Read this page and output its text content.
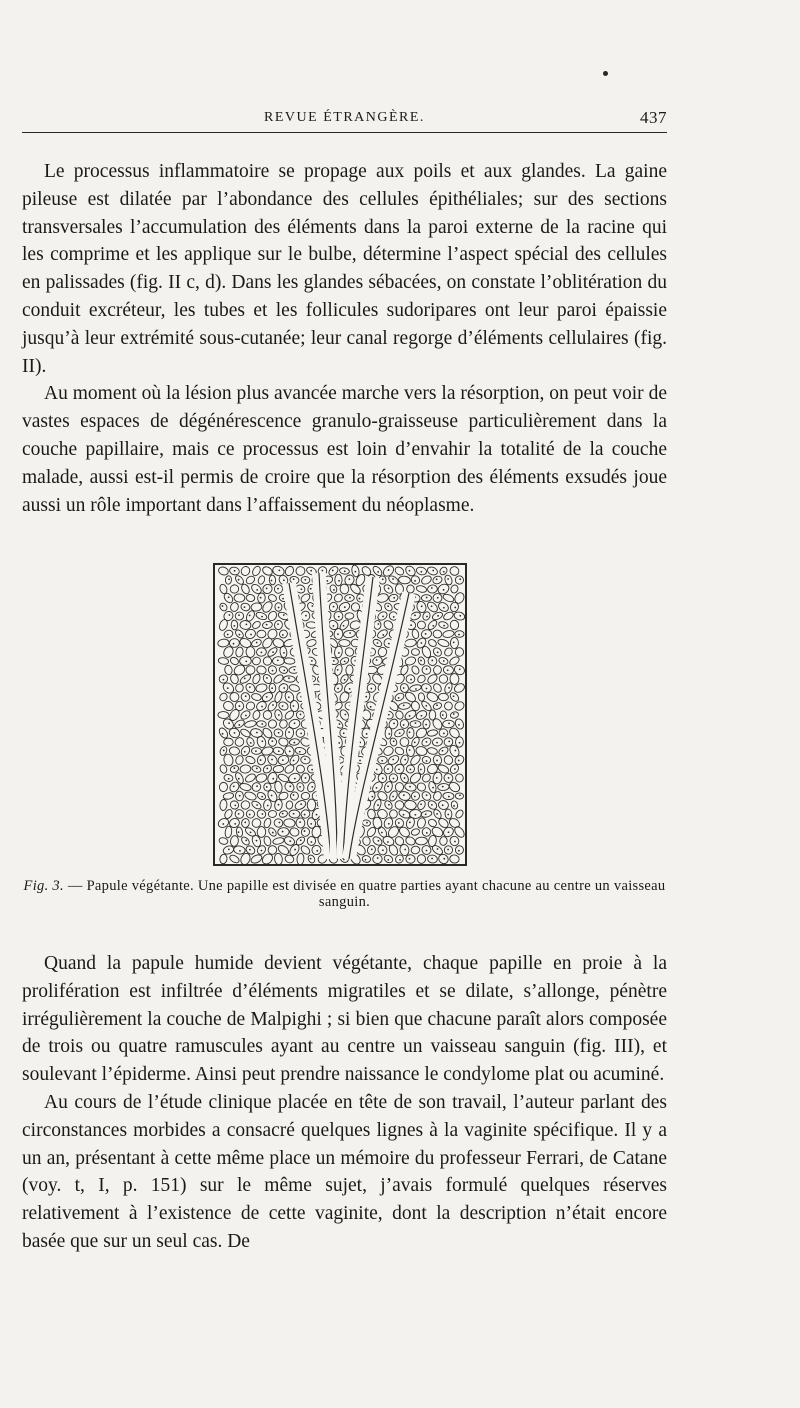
REVUE ÉTRANGÈRE.	437

Le processus inflammatoire se propage aux poils et aux glandes. La gaine pileuse est dilatée par l’abondance des cellules épithéliales; sur des sections transversales l’accumulation des éléments dans la paroi externe de la racine qui les comprime et les applique sur le bulbe, détermine l’aspect spécial des cellules en palissades (fig. II c, d). Dans les glandes sébacées, on constate l’oblitération du conduit excréteur, les tubes et les follicules sudoripares ont leur paroi épaissie jusqu’à leur extrémité sous-cutanée; leur canal regorge d’éléments cellulaires (fig. II).

Au moment où la lésion plus avancée marche vers la résorption, on peut voir de vastes espaces de dégénérescence granulo-graisseuse particulièrement dans la couche papillaire, mais ce processus est loin d’envahir la totalité de la couche malade, aussi est-il permis de croire que la résorption des éléments exsudés joue aussi un rôle important dans l’affaissement du néoplasme.

Fig. 3. — Papule végétante. Une papille est divisée en quatre parties ayant chacune au centre un vaisseau sanguin.

Quand la papule humide devient végétante, chaque papille en proie à la prolifération est infiltrée d’éléments migratiles et se dilate, s’allonge, pénètre irrégulièrement la couche de Malpighi ; si bien que chacune paraît alors composée de trois ou quatre ramuscules ayant au centre un vaisseau sanguin (fig. III), et soulevant l’épiderme. Ainsi peut prendre naissance le condylome plat ou acuminé.

Au cours de l’étude clinique placée en tête de son travail, l’auteur parlant des circonstances morbides a consacré quelques lignes à la vaginite spécifique. Il y a un an, présentant à cette même place un mémoire du professeur Ferrari, de Catane (voy. t, I, p. 151) sur le même sujet, j’avais formulé quelques réserves relativement à l’existence de cette vaginite, dont la description n’était encore basée que sur un seul cas. De
